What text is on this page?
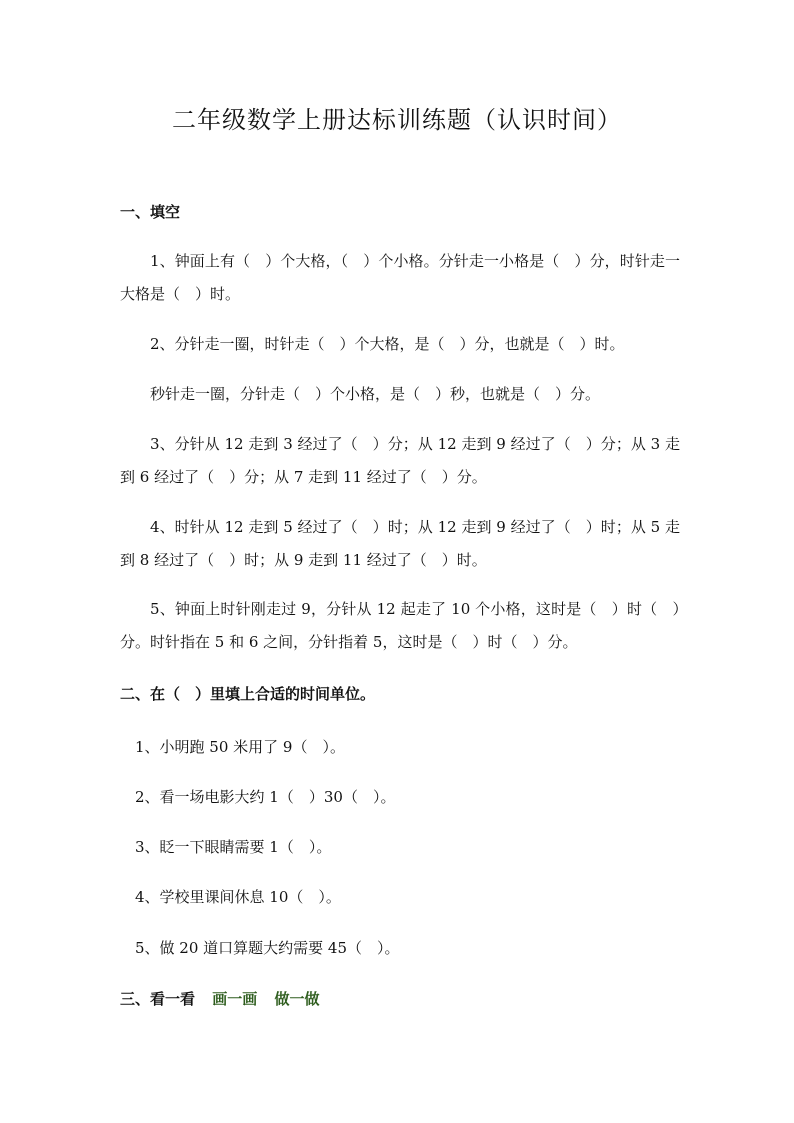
二年级数学上册达标训练题（认识时间）
一、填空

1、钟面上有（　）个大格，（　）个小格。分针走一小格是（　）分，时针走一大格是（　）时。

2、分针走一圈，时针走（　）个大格，是（　）分，也就是（　）时。

秒针走一圈，分针走（　）个小格，是（　）秒，也就是（　）分。

3、分针从 12 走到 3 经过了（　）分；从 12 走到 9 经过了（　）分；从 3 走到 6 经过了（　）分；从 7 走到 11 经过了（　）分。

4、时针从 12 走到 5 经过了（　）时；从 12 走到 9 经过了（　）时；从 5 走到 8 经过了（　）时；从 9 走到 11 经过了（　）时。

5、钟面上时针刚走过 9，分针从 12 起走了 10 个小格，这时是（　）时（　）分。时针指在 5 和 6 之间，分针指着 5，这时是（　）时（　）分。

二、在（　）里填上合适的时间单位。

1、小明跑 50 米用了 9（　）。

2、看一场电影大约 1（　）30（　）。

3、眨一下眼睛需要 1（　）。

4、学校里课间休息 10（　）。

5、做 20 道口算题大约需要 45（　）。

三、看一看 画一画 做一做
